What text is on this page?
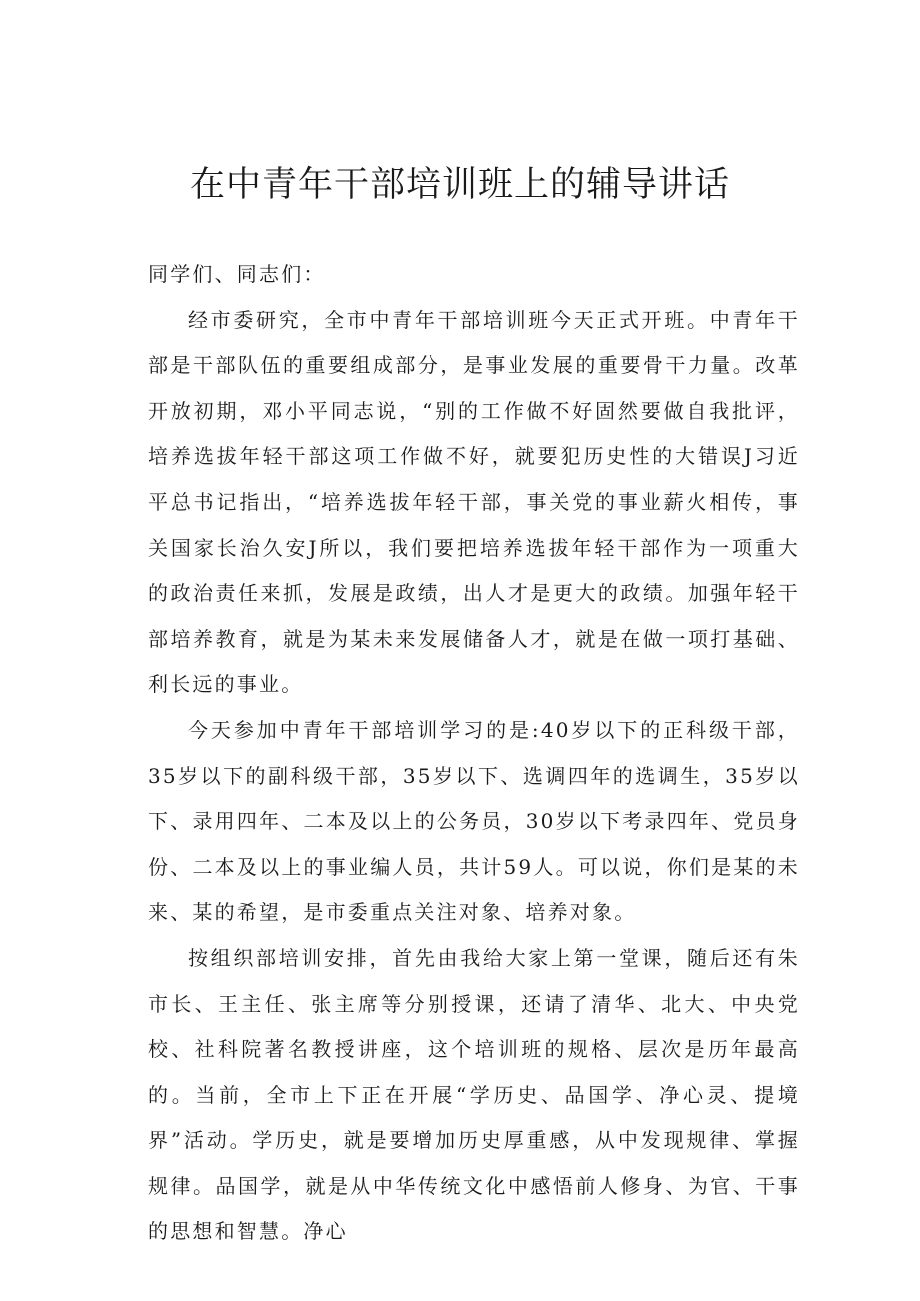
在中青年干部培训班上的辅导讲话

同学们、同志们：

经市委研究，全市中青年干部培训班今天正式开班。中青年干部是干部队伍的重要组成部分，是事业发展的重要骨干力量。改革开放初期，邓小平同志说，“别的工作做不好固然要做自我批评，培养选拔年轻干部这项工作做不好，就要犯历史性的大错误J习近平总书记指出，“培养选拔年轻干部，事关党的事业薪火相传，事关国家长治久安J所以，我们要把培养选拔年轻干部作为一项重大的政治责任来抓，发展是政绩，出人才是更大的政绩。加强年轻干部培养教育，就是为某未来发展储备人才，就是在做一项打基础、利长远的事业。

今天参加中青年干部培训学习的是:40岁以下的正科级干部，35岁以下的副科级干部，35岁以下、选调四年的选调生，35岁以下、录用四年、二本及以上的公务员，30岁以下考录四年、党员身份、二本及以上的事业编人员，共计59人。可以说，你们是某的未来、某的希望，是市委重点关注对象、培养对象。

按组织部培训安排，首先由我给大家上第一堂课，随后还有朱市长、王主任、张主席等分别授课，还请了清华、北大、中央党校、社科院著名教授讲座，这个培训班的规格、层次是历年最高的。当前，全市上下正在开展“学历史、品国学、净心灵、提境界”活动。学历史，就是要增加历史厚重感，从中发现规律、掌握规律。品国学，就是从中华传统文化中感悟前人修身、为官、干事的思想和智慧。净心
